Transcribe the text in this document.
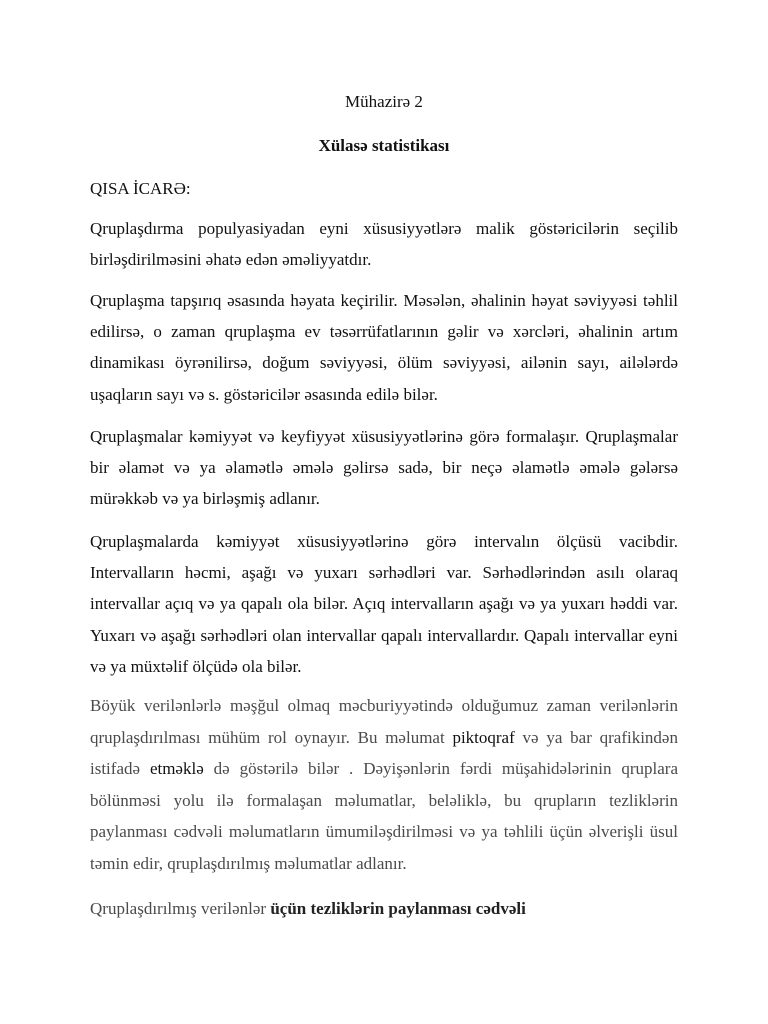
Mühazirə 2

Xülasə statistikası

QISA İCARƏ:

Qruplaşdırma populyasiyadan eyni xüsusiyyətlərə malik göstəricilərin seçilib birləşdirilməsini əhatə edən əməliyyatdır.

Qruplaşma tapşırıq əsasında həyata keçirilir. Məsələn, əhalinin həyat səviyyəsi təhlil edilirsə, o zaman qruplaşma ev təsərrüfatlarının gəlir və xərcləri, əhalinin artım dinamikası öyrənilirsə, doğum səviyyəsi, ölüm səviyyəsi, ailənin sayı, ailələrdə uşaqların sayı və s. göstəricilər əsasında edilə bilər.

Qruplaşmalar kəmiyyət və keyfiyyət xüsusiyyətlərinə görə formalaşır. Qruplaşmalar bir əlamət və ya əlamətlə əmələ gəlirsə sadə, bir neçə əlamətlə əmələ gələrsə mürəkkəb və ya birləşmiş adlanır.

Qruplaşmalarda kəmiyyət xüsusiyyətlərinə görə intervalın ölçüsü vacibdir. Intervalların həcmi, aşağı və yuxarı sərhədləri var. Sərhədlərindən asılı olaraq intervallar açıq və ya qapalı ola bilər. Açıq intervalların aşağı və ya yuxarı həddi var. Yuxarı və aşağı sərhədləri olan intervallar qapalı intervallardır. Qapalı intervallar eyni və ya müxtəlif ölçüdə ola bilər.

Böyük verilənlərlə məşğul olmaq məcburiyyətində olduğumuz zaman verilənlərin qruplaşdırılması mühüm rol oynayır. Bu məlumat piktoqraf və ya bar qrafikindən istifadə etməklə də göstərilə bilər . Dəyişənlərin fərdi müşahidələrinin qruplara bölünməsi yolu ilə formalaşan məlumatlar, beləliklə, bu qrupların tezliklərin paylanması cədvəli məlumatların ümumiləşdirilməsi və ya təhlili üçün əlverişli üsul təmin edir, qruplaşdırılmış məlumatlar adlanır.

Qruplaşdırılmış verilənlər üçün tezliklərin paylanması cədvəli
